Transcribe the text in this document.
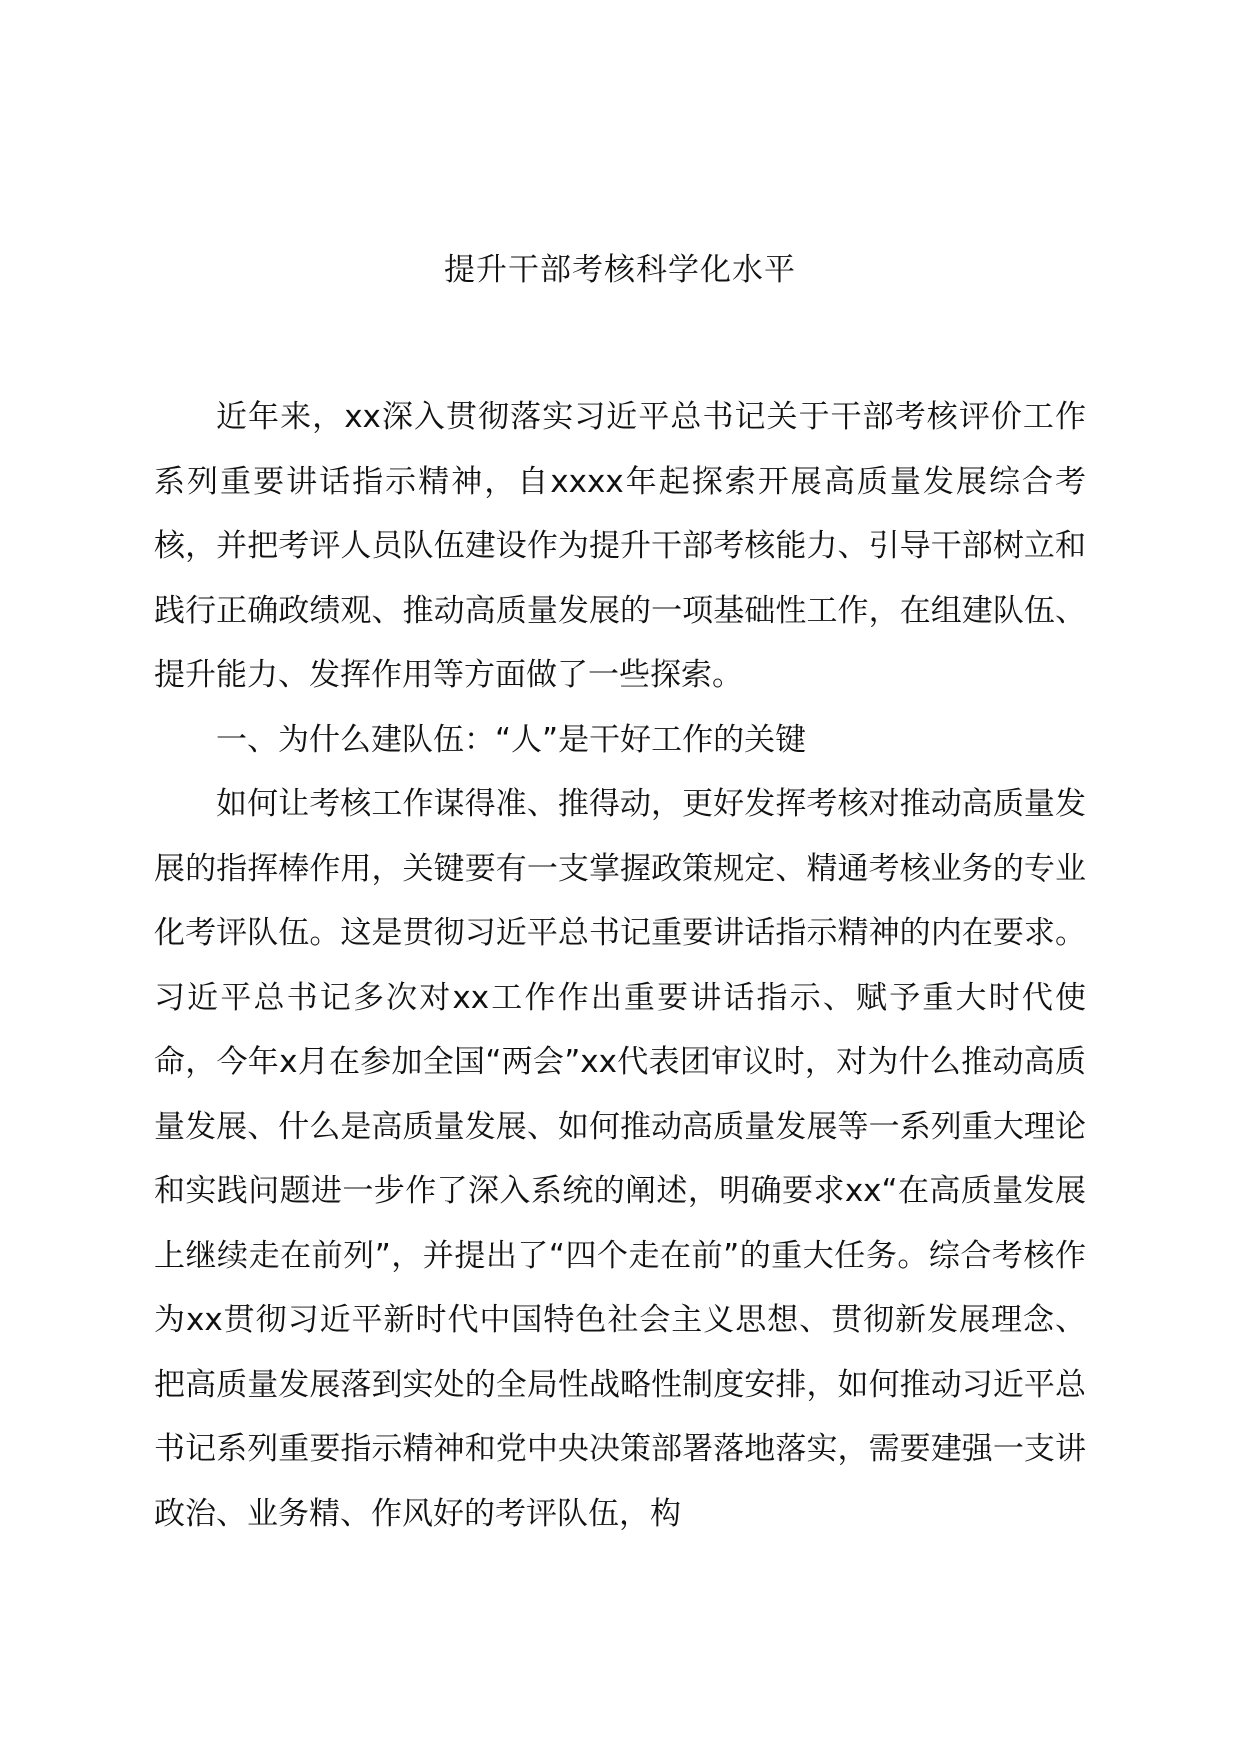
提升干部考核科学化水平

近年来，xx深入贯彻落实习近平总书记关于干部考核评价工作系列重要讲话指示精神，自xxxx年起探索开展高质量发展综合考核，并把考评人员队伍建设作为提升干部考核能力、引导干部树立和践行正确政绩观、推动高质量发展的一项基础性工作，在组建队伍、提升能力、发挥作用等方面做了一些探索。

一、为什么建队伍：“人”是干好工作的关键

如何让考核工作谋得准、推得动，更好发挥考核对推动高质量发展的指挥棒作用，关键要有一支掌握政策规定、精通考核业务的专业化考评队伍。这是贯彻习近平总书记重要讲话指示精神的内在要求。习近平总书记多次对xx工作作出重要讲话指示、赋予重大时代使命，今年x月在参加全国“两会”xx代表团审议时，对为什么推动高质量发展、什么是高质量发展、如何推动高质量发展等一系列重大理论和实践问题进一步作了深入系统的阐述，明确要求xx“在高质量发展上继续走在前列”，并提出了“四个走在前”的重大任务。综合考核作为xx贯彻习近平新时代中国特色社会主义思想、贯彻新发展理念、把高质量发展落到实处的全局性战略性制度安排，如何推动习近平总书记系列重要指示精神和党中央决策部署落地落实，需要建强一支讲政治、业务精、作风好的考评队伍，构
